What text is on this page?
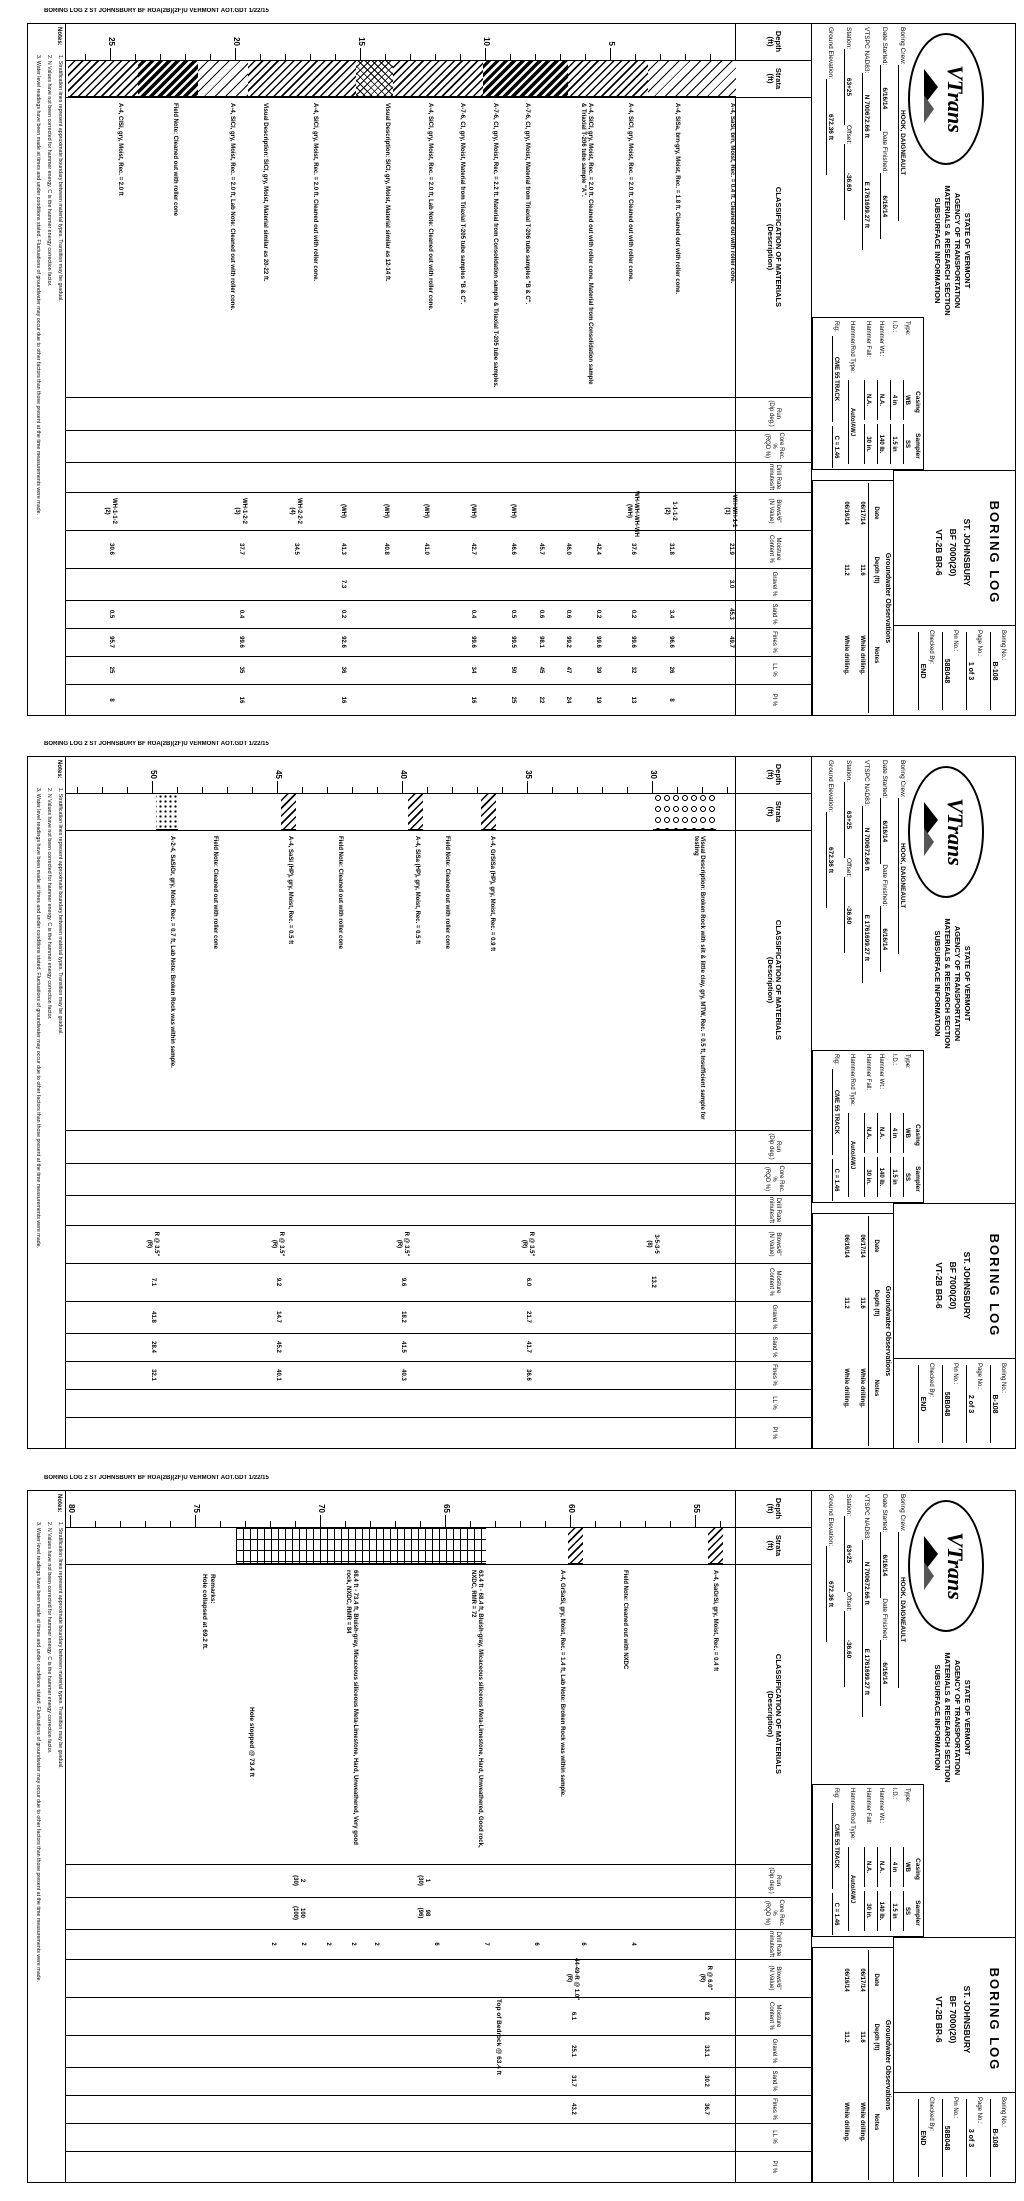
BORING LOG 2 ST JOHNSBURY BF ROA(2B)(2F)U VERMONT AOT.GDT 1/22/15
VTrans
STATE OF VERMONT
AGENCY OF TRANSPORTATION
MATERIALS & RESEARCH SECTION
SUBSURFACE INFORMATION
BORING LOG
ST. JOHNSBURY
BF 7000(20)
VT-2B BR-6
Boring No.:
B-108
Page No.:
1 of 3
Pin No.:
58B048
Checked By:
END
Boring Crew:HOOK, DAIGNEAULT
Date Started:6/16/14 Date Finished:6/16/14
VTSPC NAD83:N 700672.66 ft E 1761699.27 ft
Station:63+25 Offset:-36.60
Ground Elevation:672.36 ft
Casing
Sampler
Type:
WB
SS
I.D.:
4 in
1.5 in
Hammer Wt.:
N.A.
140 lb.
Hammer Fall:
N.A.
30 in.
Hammer/Rod Type:
Auto/AWJ
Rig:
CME 55 TRACK
C = 1.46
Groundwater Observations
Date
Depth (ft)
Notes
06/17/14
11.6
While drilling.
06/16/14
11.2
While drilling.
Depth
(ft)
Strata
(ft)
CLASSIFICATION OF MATERIALS
(Description)
Run
(Dip deg.)
Core Rec. %
(RQD %)
Drill Rate
minutes/ft
Blows/6"
(N Value)
Moisture
Content %
Gravel %
Sand %
Fines %
LL %
PI %
5
10
15
20
25
A-4, SaSi, brn, Moist, Rec. = 0.4 ft. Cleaned out with roller cone.
A-4, SiSa, brn-gry, Moist, Rec. = 1.8 ft. Cleaned out with roller cone.
A-4, SiCl, gry, Moist, Rec. = 2.0 ft. Cleaned out with roller cone.
A-4, SiCl, gry, Moist, Rec. = 2.0 ft. Cleaned out with roller cone. Material from Consolidation sample & Triaxial T-206 tube sample "A".
A-7-6, Cl, gry, Moist, Material from Triaxial T-206 tube samples "B & C".
A-7-6, Cl, gry, Moist, Rec. = 2.2 ft. Material from Consolidation sample & Triaxial T-205 tube samples.
A-7-6, Cl, gry, Moist, Material from Triaxial T-205 tube samples "B & C".
A-4, SiCl, gry, Moist, Rec. = 2.0 ft, Lab Note: Cleaned out with roller cone.
Visual Description: SiCl, gry, Moist, Material similar as 12-14 ft.
A-4, SiCl, gry, Moist, Rec. = 2.0 ft. Cleaned out with roller cone.
Visual Description: SiCl, gry, Moist, Material similar as 20-22 ft.
A-4, SiCl, gry, Moist, Rec. = 2.0 ft, Lab Note: Cleaned out with roller cone.
Field Note: Cleaned out with roller cone
A-4, ClSi, gry, Moist, Rec. = 2.0 ft
WH-WH-1-1
(1)
21.9
3.0
45.3
49.7
1-1-1-2
(2)
31.8
3.4
96.6
26
8
WH-WH-WH-WH
(WH)
37.6
0.2
99.6
32
13
42.4
0.2
99.6
39
19
46.0
0.6
99.2
47
24
45.7
0.6
98.1
45
22
(WH)
46.6
0.5
99.5
50
25
(WH)
42.7
0.4
99.6
34
16
(WH)
41.0
(WH)
40.8
(WH)
41.3
7.3
0.2
92.6
36
16
WH-2-2-2
(4)
34.5
WH-1-2-2
(3)
37.7
0.4
99.6
35
16
WH-1-1-2
(2)
30.6
0.5
95.7
25
8
Notes:
1. Stratification lines represent approximate boundary between material types. Transition may be gradual.
2. N Values have not been corrected for hammer energy. C is the hammer energy correction factor.
3. Water level readings have been made at times and under conditions stated. Fluctuations of groundwater may occur due to other factors than those present at the time measurements were made.
BORING LOG 2 ST JOHNSBURY BF ROA(2B)(2F)U VERMONT AOT.GDT 1/22/15
VTrans
STATE OF VERMONT
AGENCY OF TRANSPORTATION
MATERIALS & RESEARCH SECTION
SUBSURFACE INFORMATION
BORING LOG
ST. JOHNSBURY
BF 7000(20)
VT-2B BR-6
Boring No.:
B-108
Page No.:
2 of 3
Pin No.:
58B048
Checked By:
END
Boring Crew:HOOK, DAIGNEAULT
Date Started:6/16/14 Date Finished:6/16/14
VTSPC NAD83:N 700672.66 ft E 1761699.27 ft
Station:63+25 Offset:-36.60
Ground Elevation:672.36 ft
Casing
Sampler
Type:
WB
SS
I.D.:
4 in
1.5 in
Hammer Wt.:
N.A.
140 lb.
Hammer Fall:
N.A.
30 in.
Hammer/Rod Type:
Auto/AWJ
Rig:
CME 55 TRACK
C = 1.46
Groundwater Observations
Date
Depth (ft)
Notes
06/17/14
11.6
While drilling.
06/16/14
11.2
While drilling.
Depth
(ft)
Strata
(ft)
CLASSIFICATION OF MATERIALS
(Description)
Run
(Dip deg.)
Core Rec. %
(RQD %)
Drill Rate
minutes/ft
Blows/6"
(N Value)
Moisture
Content %
Gravel %
Sand %
Fines %
LL %
PI %
30
35
40
45
50
Visual Description: Broken Rock with silt & little clay, gry, MTW, Rec. = 0.5 ft, Insufficient sample for testing
A-4, GrSiSa (HP), gry, Moist, Rec. = 0.9 ft
Field Note: Cleaned out with roller cone
A-4, SiSa (HP), gry, Moist, Rec. = 0.5 ft
Field Note: Cleaned out with roller cone
A-4, SaSi (HP), gry, Moist, Rec. = 0.5 ft
Field Note: Cleaned out with roller cone
A-2-4, SaSiGr, gry, Moist, Rec. = 0.7 ft, Lab Note: Broken Rock was within sample.
3-5-3-5
(8)
13.2
R @ 3.5"
(R)
6.0
21.7
41.7
36.6
R @ 3.5"
(R)
9.6
18.2
41.5
40.3
R @ 3.5"
(R)
9.2
14.7
45.2
40.1
R @ 3.5"
(R)
7.1
41.8
28.4
32.1
Notes:
1. Stratification lines represent approximate boundary between material types. Transition may be gradual.
2. N Values have not been corrected for hammer energy. C is the hammer energy correction factor.
3. Water level readings have been made at times and under conditions stated. Fluctuations of groundwater may occur due to other factors than those present at the time measurements were made.
BORING LOG 2 ST JOHNSBURY BF ROA(2B)(2F)U VERMONT AOT.GDT 1/22/15
VTrans
STATE OF VERMONT
AGENCY OF TRANSPORTATION
MATERIALS & RESEARCH SECTION
SUBSURFACE INFORMATION
BORING LOG
ST. JOHNSBURY
BF 7000(20)
VT-2B BR-6
Boring No.:
B-108
Page No.:
3 of 3
Pin No.:
58B048
Checked By:
END
Boring Crew:HOOK, DAIGNEAULT
Date Started:6/16/14 Date Finished:6/16/14
VTSPC NAD83:N 700672.66 ft E 1761699.27 ft
Station:63+25 Offset:-36.60
Ground Elevation:672.36 ft
Casing
Sampler
Type:
WB
SS
I.D.:
4 in
1.5 in
Hammer Wt.:
N.A.
140 lb.
Hammer Fall:
N.A.
30 in.
Hammer/Rod Type:
Auto/AWJ
Rig:
CME 55 TRACK
C = 1.46
Groundwater Observations
Date
Depth (ft)
Notes
06/17/14
11.6
While drilling.
06/16/14
11.2
While drilling.
Depth
(ft)
Strata
(ft)
CLASSIFICATION OF MATERIALS
(Description)
Run
(Dip deg.)
Core Rec. %
(RQD %)
Drill Rate
minutes/ft
Blows/6"
(N Value)
Moisture
Content %
Gravel %
Sand %
Fines %
LL %
PI %
55
60
65
70
75
80
A-4, SaGrSi, gry, Moist, Rec. = 0.4 ft
Field Note: Cleaned out with NXDC
A-4, GrSaSi, gry, Moist, Rec. = 1.4 ft, Lab Note: Broken Rock was within sample.
63.4 ft - 68.4 ft, Bluish-gray, Micaceous siliceous Meta-Limestone, Hard, Unweathered, Good rock, NXDC, RMR = 72
68.4 ft - 73.4 ft, Bluish-gray, Micaceous siliceous Meta-Limestone, Hard, Unweathered, Very good rock, NXDC, RMR = 84
R @ 6.0"
(R)
8.2
33.1
30.2
36.7
44-49-R @ 1.0"
(R)
6.1
25.1
31.7
43.2
1
(30)
98
(96)
2
(30)
100
(100)
4
6
6
7
6
2
2
2
2
2
Top of Bedrock @ 63.4 ft
Hole stopped @ 73.4 ft
Remarks:
Hole collapsed at 69.2 ft.
Notes:
1. Stratification lines represent approximate boundary between material types. Transition may be gradual.
2. N Values have not been corrected for hammer energy. C is the hammer energy correction factor.
3. Water level readings have been made at times and under conditions stated. Fluctuations of groundwater may occur due to other factors than those present at the time measurements were made.
